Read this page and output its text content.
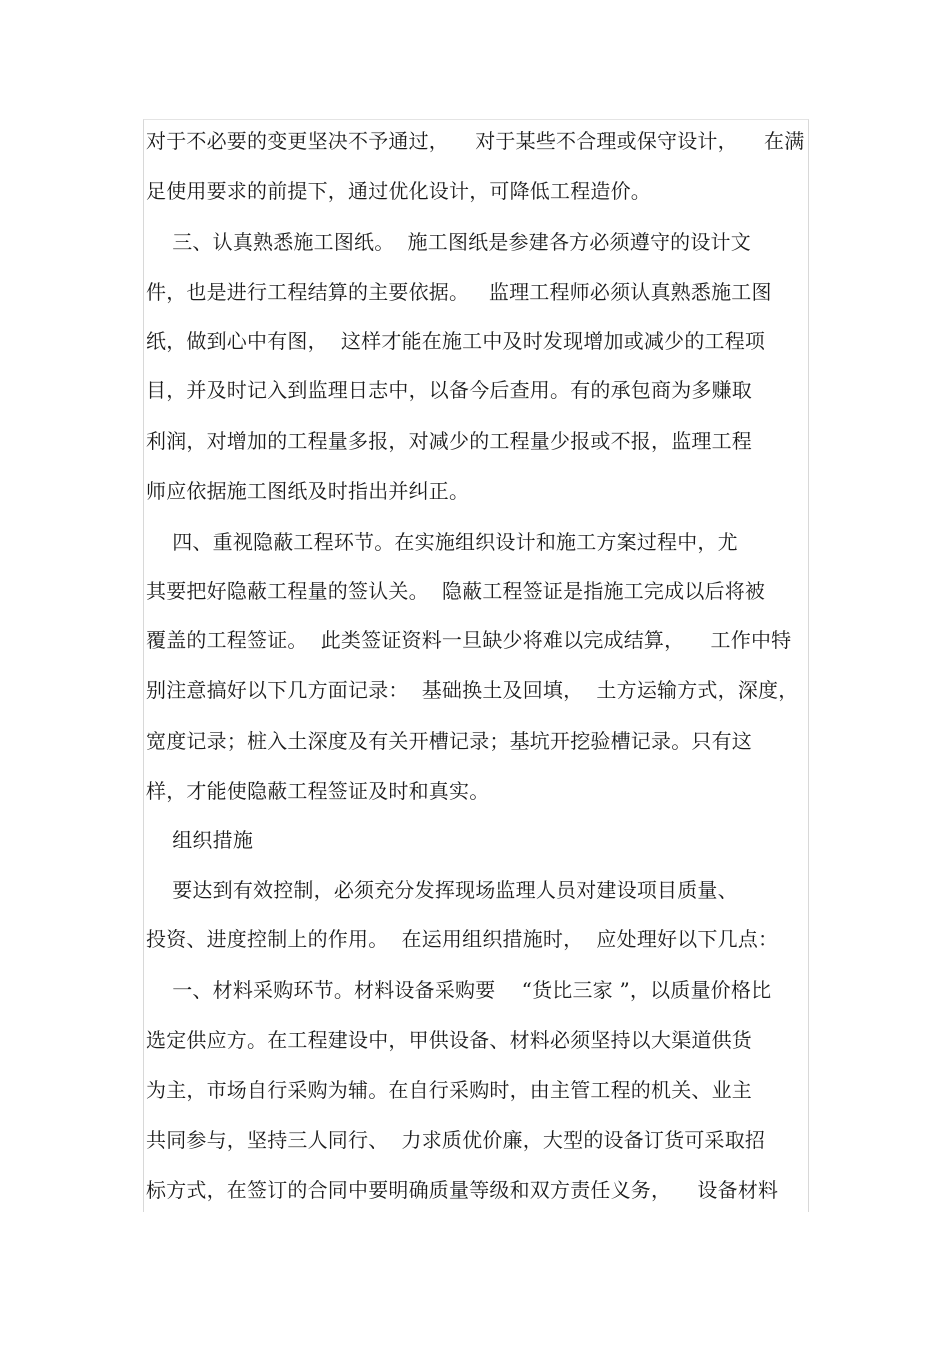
对于不必要的变更坚决不予通过，    对于某些不合理或保守设计，    在满
足使用要求的前提下，通过优化设计，可降低工程造价。
三、认真熟悉施工图纸。  施工图纸是参建各方必须遵守的设计文
件，也是进行工程结算的主要依据。   监理工程师必须认真熟悉施工图
纸，做到心中有图，  这样才能在施工中及时发现增加或减少的工程项
目，并及时记入到监理日志中，以备今后查用。有的承包商为多赚取
利润，对增加的工程量多报，对减少的工程量少报或不报，监理工程
师应依据施工图纸及时指出并纠正。
四、重视隐蔽工程环节。在实施组织设计和施工方案过程中，尤
其要把好隐蔽工程量的签认关。  隐蔽工程签证是指施工完成以后将被
覆盖的工程签证。  此类签证资料一旦缺少将难以完成结算，    工作中特
别注意搞好以下几方面记录：  基础换土及回填，  土方运输方式，深度，
宽度记录；桩入土深度及有关开槽记录；基坑开挖验槽记录。只有这
样，才能使隐蔽工程签证及时和真实。
组织措施
要达到有效控制，必须充分发挥现场监理人员对建设项目质量、
投资、进度控制上的作用。  在运用组织措施时，  应处理好以下几点：
一、材料采购环节。材料设备采购要    “货比三家 ”，以质量价格比
选定供应方。在工程建设中，甲供设备、材料必须坚持以大渠道供货
为主，市场自行采购为辅。在自行采购时，由主管工程的机关、业主
共同参与，坚持三人同行、  力求质优价廉，大型的设备订货可采取招
标方式，在签订的合同中要明确质量等级和双方责任义务，    设备材料
